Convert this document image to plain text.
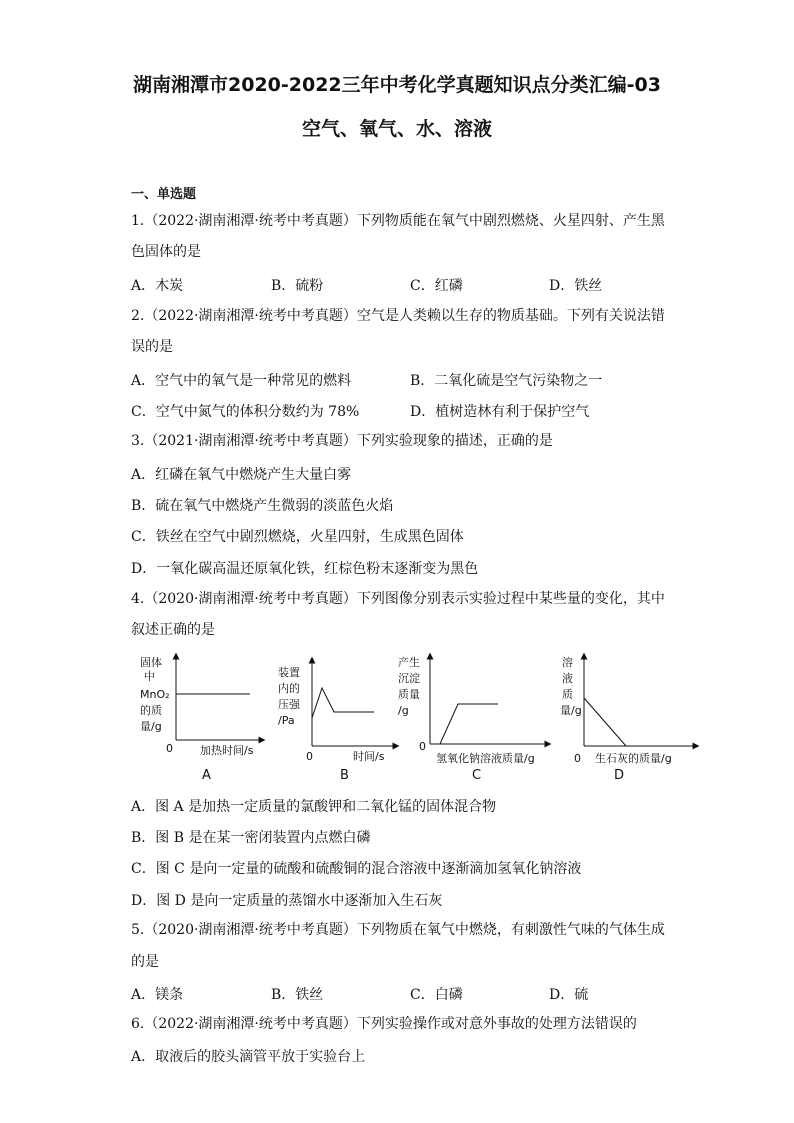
湖南湘潭市2020-2022三年中考化学真题知识点分类汇编-03
空气、氧气、水、溶液
一、单选题
1.（2022·湖南湘潭·统考中考真题）下列物质能在氧气中剧烈燃烧、火星四射、产生黑
色固体的是
A．木炭	B．硫粉	C．红磷	D．铁丝
2.（2022·湖南湘潭·统考中考真题）空气是人类赖以生存的物质基础。下列有关说法错
误的是
A．空气中的氧气是一种常见的燃料	B．二氧化硫是空气污染物之一
C．空气中氮气的体积分数约为 78%	D．植树造林有利于保护空气
3.（2021·湖南湘潭·统考中考真题）下列实验现象的描述，正确的是
A．红磷在氧气中燃烧产生大量白雾
B．硫在氧气中燃烧产生微弱的淡蓝色火焰
C．铁丝在空气中剧烈燃烧，火星四射，生成黑色固体
D．一氧化碳高温还原氧化铁，红棕色粉末逐渐变为黑色
4.（2020·湖南湘潭·统考中考真题）下列图像分别表示实验过程中某些量的变化，其中
叙述正确的是
固体
中
MnO₂
的质
量/g
0 加热时间/s
A
装置
内的
压强
/Pa
0	时间/s
B
产生
沉淀
质量
/g
0
氢氧化钠溶液质量/g
C
溶
液
质
量/g
0 生石灰的质量/g
D
A．图 A 是加热一定质量的氯酸钾和二氧化锰的固体混合物
B．图 B 是在某一密闭装置内点燃白磷
C．图 C 是向一定量的硫酸和硫酸铜的混合溶液中逐渐滴加氢氧化钠溶液
D．图 D 是向一定质量的蒸馏水中逐渐加入生石灰
5.（2020·湖南湘潭·统考中考真题）下列物质在氧气中燃烧，有刺激性气味的气体生成
的是
A．镁条	B．铁丝	C．白磷	D．硫
6.（2022·湖南湘潭·统考中考真题）下列实验操作或对意外事故的处理方法错误的
A．取液后的胶头滴管平放于实验台上
